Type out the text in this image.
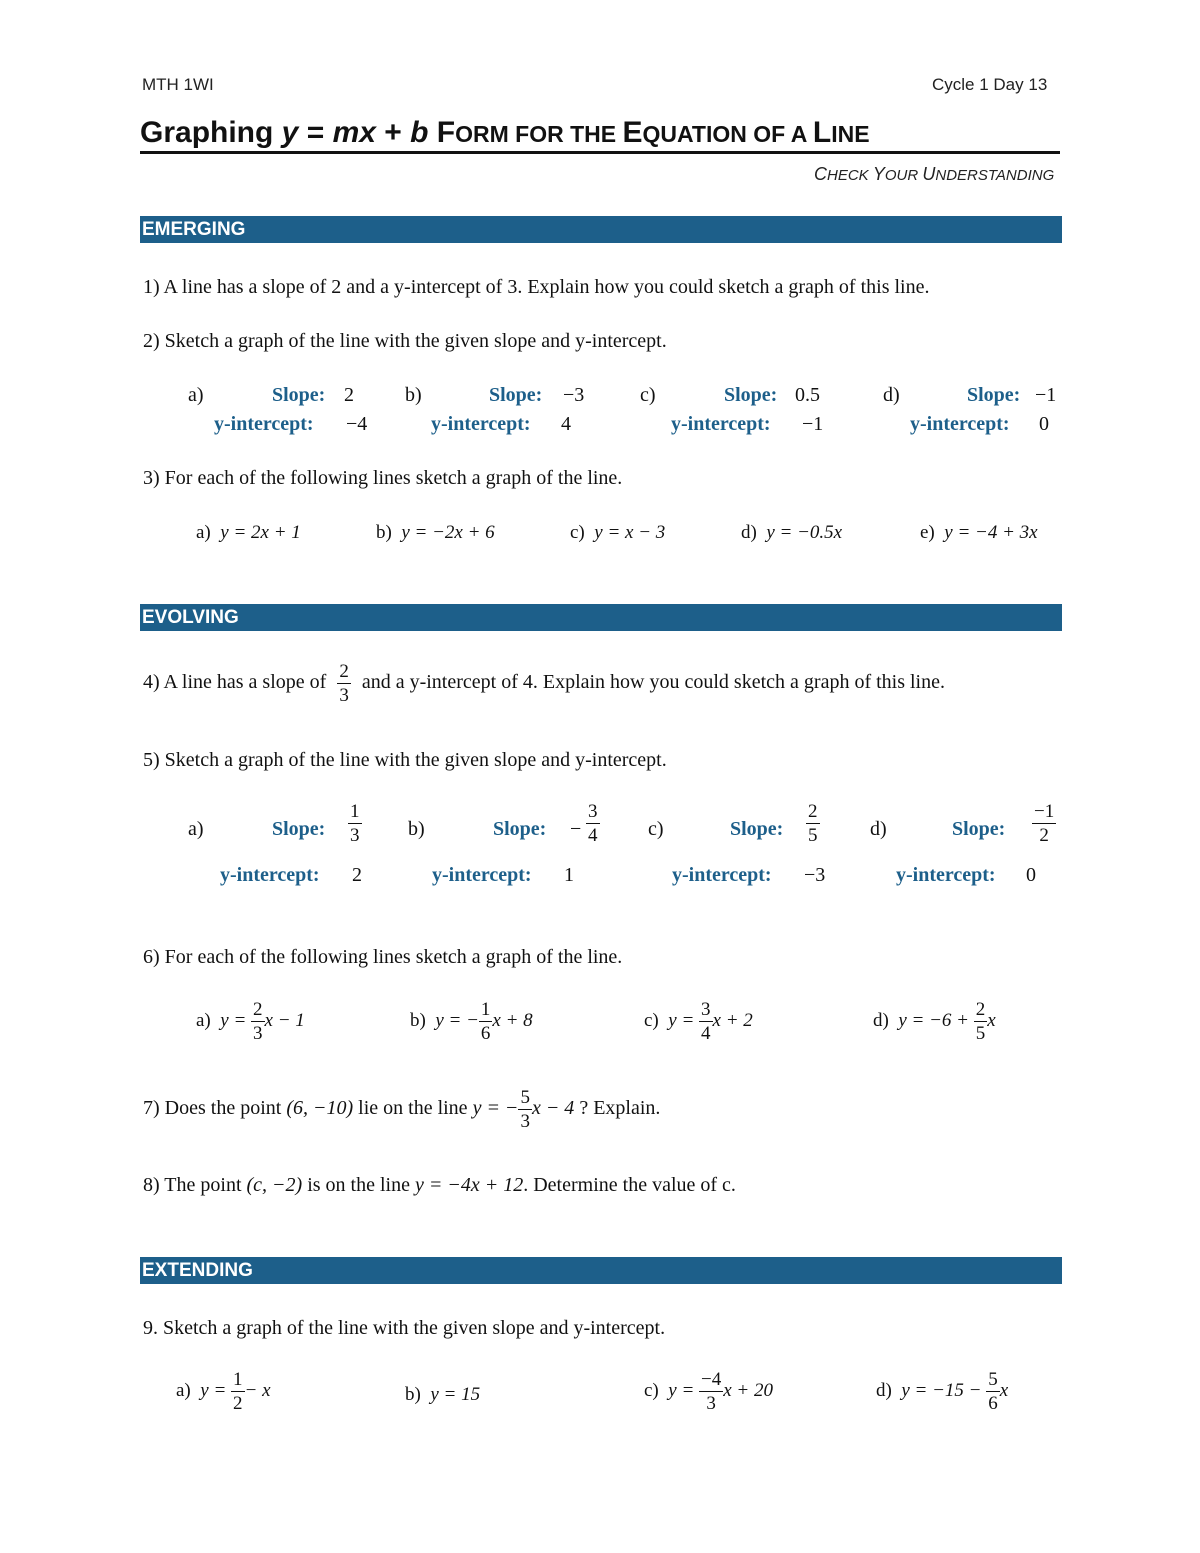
MTH 1WI	Cycle 1 Day 13
Graphing y = mx + b FORM FOR THE EQUATION OF A LINE
CHECK YOUR UNDERSTANDING
EMERGING
1) A line has a slope of 2 and a y-intercept of 3. Explain how you could sketch a graph of this line.
2) Sketch a graph of the line with the given slope and y-intercept.
a)	Slope: 2
y-intercept: −4
b)	Slope: −3
y-intercept: 4
c)	Slope: 0.5
y-intercept: −1
d)	Slope: −1
y-intercept: 0
3) For each of the following lines sketch a graph of the line.
a) y = 2x + 1	b) y = −2x + 6	c) y = x − 3	d) y = −0.5x	e) y = −4 + 3x
EVOLVING
4) A line has a slope of $\frac{2}{3}$ and a y-intercept of 4. Explain how you could sketch a graph of this line.
5) Sketch a graph of the line with the given slope and y-intercept.
a)	Slope: $\frac{1}{3}$
y-intercept: 2
b)	Slope: − $\frac{3}{4}$
y-intercept: 1
c)	Slope: $\frac{2}{5}$
y-intercept: −3
d)	Slope: $\frac{-1}{2}$
y-intercept: 0
6) For each of the following lines sketch a graph of the line.
a) $y = \frac{2}{3}$ x − 1	b) y = − $\frac{1}{6}$ x + 8	c) $y = \frac{3}{4}$ x + 2	d) $y = -6 + \frac{2}{5}$ x
7) Does the point (6, −10) lie on the line y = − $\frac{5}{3}$ x − 4 ? Explain.
8) The point (c, −2) is on the line y = −4x + 12. Determine the value of c.
EXTENDING
9. Sketch a graph of the line with the given slope and y-intercept.
a) $y = \frac{1}{2} - x$	b) y = 15	c) $y = \frac{-4}{3}$ x + 20	d) $y = -15 - \frac{5}{6}$ x
